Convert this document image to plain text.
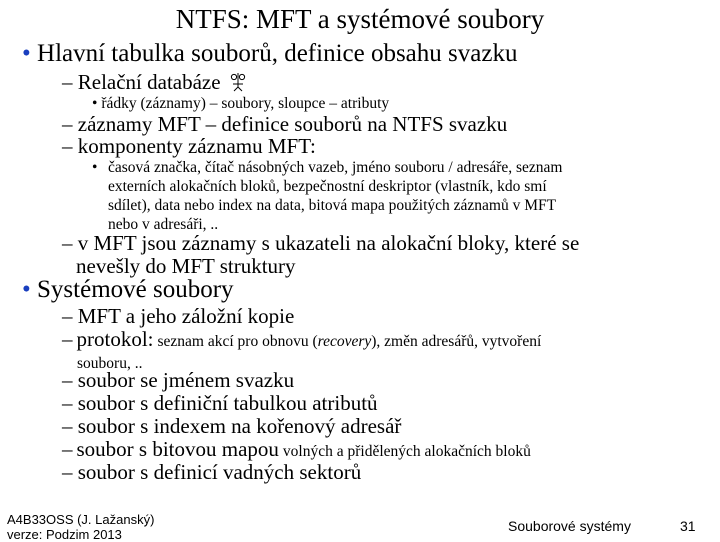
NTFS: MFT a systémové soubory
• Hlavní tabulka souborů, definice obsahu svazku
– Relační databáze
• řádky (záznamy) – soubory, sloupce – atributy
– záznamy MFT – definice souborů na NTFS svazku
– komponenty záznamu MFT:
• časová značka, čítač násobných vazeb, jméno souboru / adresáře, seznam
externích alokačních bloků, bezpečnostní deskriptor (vlastník, kdo smí
sdílet), data nebo index na data, bitová mapa použitých záznamů v MFT
nebo v adresáři, ..
– v MFT jsou záznamy s ukazateli na alokační bloky, které se
nevešly do MFT struktury
• Systémové soubory
– MFT a jeho záložní kopie
– protokol: seznam akcí pro obnovu (recovery), změn adresářů, vytvoření
souboru, ..
– soubor se jménem svazku
– soubor s definiční tabulkou atributů
– soubor s indexem na kořenový adresář
– soubor s bitovou mapou volných a přidělených alokačních bloků
– soubor s definicí vadných sektorů
A4B33OSS (J. Lažanský)
verze: Podzim 2013
Souborové systémy	31
